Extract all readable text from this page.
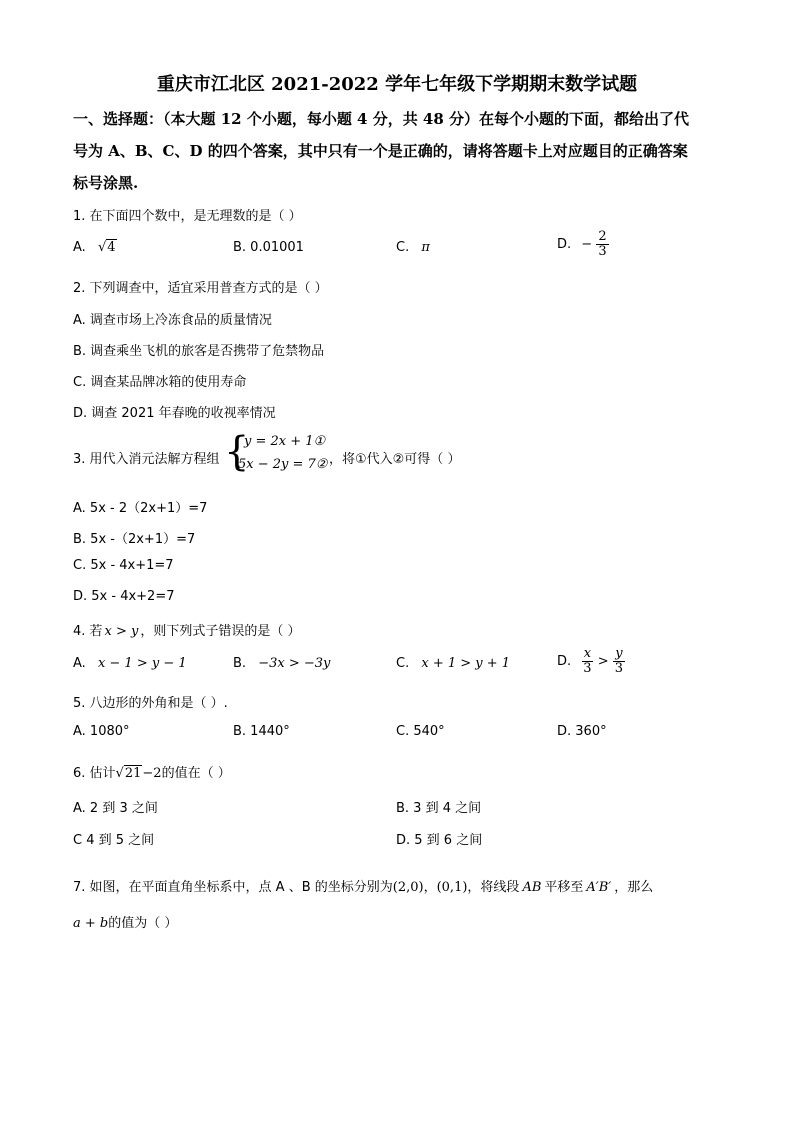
重庆市江北区 2021-2022 学年七年级下学期期末数学试题
一、选择题：（本大题 12 个小题，每小题 4 分，共 48 分）在每个小题的下面，都给出了代
号为 A、B、C、D 的四个答案，其中只有一个是正确的，请将答题卡上对应题目的正确答案
标号涂黑.
1. 在下面四个数中，是无理数的是（ ）
A. √4	B. 0.01001	C. π	D. − $\frac{2}{3}$
2. 下列调查中，适宜采用普查方式的是（ ）
A. 调查市场上冷冻食品的质量情况
B. 调查乘坐飞机的旅客是否携带了危禁物品
C. 调查某品牌冰箱的使用寿命
D. 调查 2021 年春晚的收视率情况
3. 用代入消元法解方程组 {
y = 2x + 1①
5x − 2y = 7② ，将①代入②可得（ ）
A. 5x - 2（2x+1）=7
B. 5x -（2x+1）=7
C. 5x - 4x+1=7
D. 5x - 4x+2=7
4. 若 x > y ，则下列式子错误的是（ ）
A. x − 1 > y − 1	B. −3x > −3y	C. x + 1 > y + 1	D. $\frac{x}{3} > \frac{y}{3}$
5. 八边形的外角和是（ ）.
A. 1080°	B. 1440°	C. 540°	D. 360°
6. 估计√21−2的值在（ ）
A. 2 到 3 之间	B. 3 到 4 之间
C 4 到 5 之间	D. 5 到 6 之间
7. 如图，在平面直角坐标系中，点 A 、B 的坐标分别为(2,0)，(0,1)，将线段 AB 平移至 A′B′ ，那么
a + b的值为（ ）
